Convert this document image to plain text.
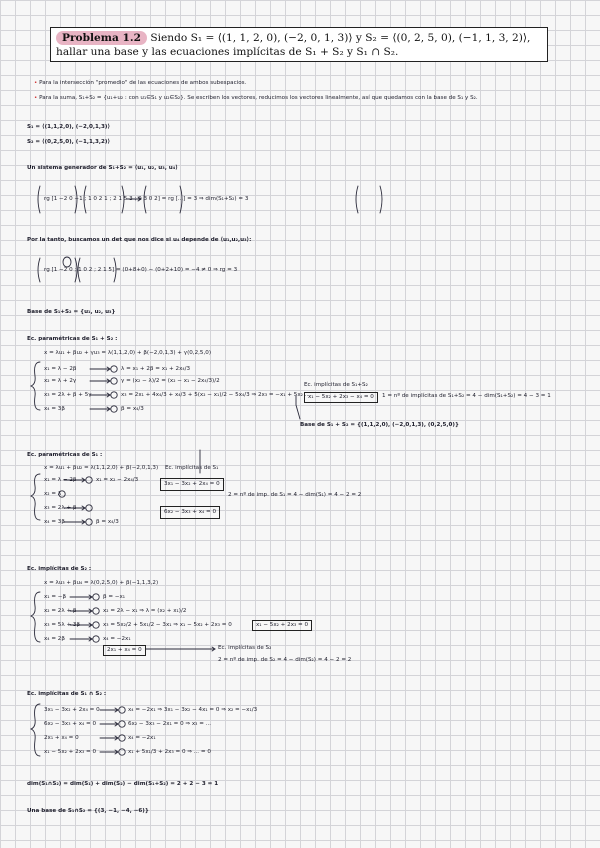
Problema 1.2 Siendo S₁ = ⟨(1, 1, 2, 0), (−2, 0, 1, 3)⟩ y S₂ = ⟨(0, 2, 5, 0), (−1, 1, 3, 2)⟩, hallar una base y las ecuaciones implícitas de S₁ + S₂ y S₁ ∩ S₂.
• Para la intersección "promedio" de las ecuaciones de ambos subespacios.
• Para la suma, S₁+S₂ = {u₁+u₂ : con u₁∈S₁ y u₂∈S₂}. Se escriben los vectores, reducimos los vectores linealmente, así que quedamos con la base de S₁ y S₂.
S₁ = ⟨(1,1,2,0), (−2,0,1,3)⟩
S₂ = ⟨(0,2,5,0), (−1,1,3,2)⟩
Un sistema generador de S₁+S₂ = ⟨u₁, u₂, u₃, u₄⟩
rg [1 −2 0 −1 ; 1 0 2 1 ; 2 1 5 3 ; 0 3 0 2] = rg [...] = 3 ⇒ dim(S₁+S₂) = 3
Por la tanto, buscamos un det que nos dice si u₄ depende de ⟨u₁,u₂,u₃⟩:
rg [1 −2 0 ; 1 0 2 ; 2 1 5] = (0+8+0) − (0+2+10) = −4 ≠ 0 ⇒ rg = 3
Base de S₁+S₂ = {u₁, u₂, u₃}
Ec. paramétricas de S₁ + S₂ :
x = λu₁ + βu₂ + γu₃ = λ(1,1,2,0) + β(−2,0,1,3) + γ(0,2,5,0)
x₁ = λ − 2β
x₂ = λ + 2γ
x₃ = 2λ + β + 5γ
x₄ = 3β
λ = x₁ + 2β = x₁ + 2x₄/3
γ = (x₂ − λ)/2 = (x₂ − x₁ − 2x₄/3)/2
x₃ = 2x₁ + 4x₄/3 + x₄/3 + 5(x₂ − x₁)/2 − 5x₄/3 ⇒ 2x₃ = −x₁ + 5x₂ ...
β = x₄/3
Ec. implícitas de S₁+S₂
x₁ − 5x₂ + 2x₃ − x₄ = 0	1 = nº de implícitas de S₁+S₂ = 4 − dim(S₁+S₂) = 4 − 3 = 1
Base de S₁ + S₂ = {(1,1,2,0), (−2,0,1,3), (0,2,5,0)}
Ec. paramétricas de S₁ :
x = λu₁ + βu₂ = λ(1,1,2,0) + β(−2,0,1,3)
x₁ = λ − 2β
x₂ = λ
x₃ = 2λ + β
x₄ = 3β
x₁ = x₂ − 2x₄/3
β = x₄/3
Ec. implícitas de S₁
3x₁ − 3x₂ + 2x₄ = 0
6x₂ − 3x₃ + x₄ = 0
2 = nº de imp. de S₁ = 4 − dim(S₁) = 4 − 2 = 2
Ec. implícitas de S₂ :
x = λu₃ + βu₄ = λ(0,2,5,0) + β(−1,1,3,2)
x₁ = −β
x₂ = 2λ + β
x₃ = 5λ + 3β
x₄ = 2β
β = −x₁
x₂ = 2λ − x₁ ⇒ λ = (x₂ + x₁)/2
x₃ = 5x₂/2 + 5x₁/2 − 3x₁ ⇒ x₁ − 5x₂ + 2x₃ = 0	x₁ − 5x₂ + 2x₃ = 0
x₄ = −2x₁
2x₁ + x₄ = 0	Ec. implícitas de S₂
2 = nº de imp. de S₂ = 4 − dim(S₂) = 4 − 2 = 2
Ec. implícitas de S₁ ∩ S₂ :
3x₁ − 3x₂ + 2x₄ = 0
6x₂ − 3x₃ + x₄ = 0
2x₁ + x₄ = 0
x₁ − 5x₂ + 2x₃ = 0
x₄ = −2x₁ ⇒ 3x₁ − 3x₂ − 4x₁ = 0 ⇒ x₂ = −x₁/3
6x₂ − 3x₃ − 2x₁ = 0 ⇒ x₃ = ...
x₄ = −2x₁
x₁ + 5x₁/3 + 2x₃ = 0 ⇒ ... = 0
dim(S₁∩S₂) = dim(S₁) + dim(S₂) − dim(S₁+S₂) = 2 + 2 − 3 = 1
Una base de S₁∩S₂ = {(3, −1, −4, −6)}
